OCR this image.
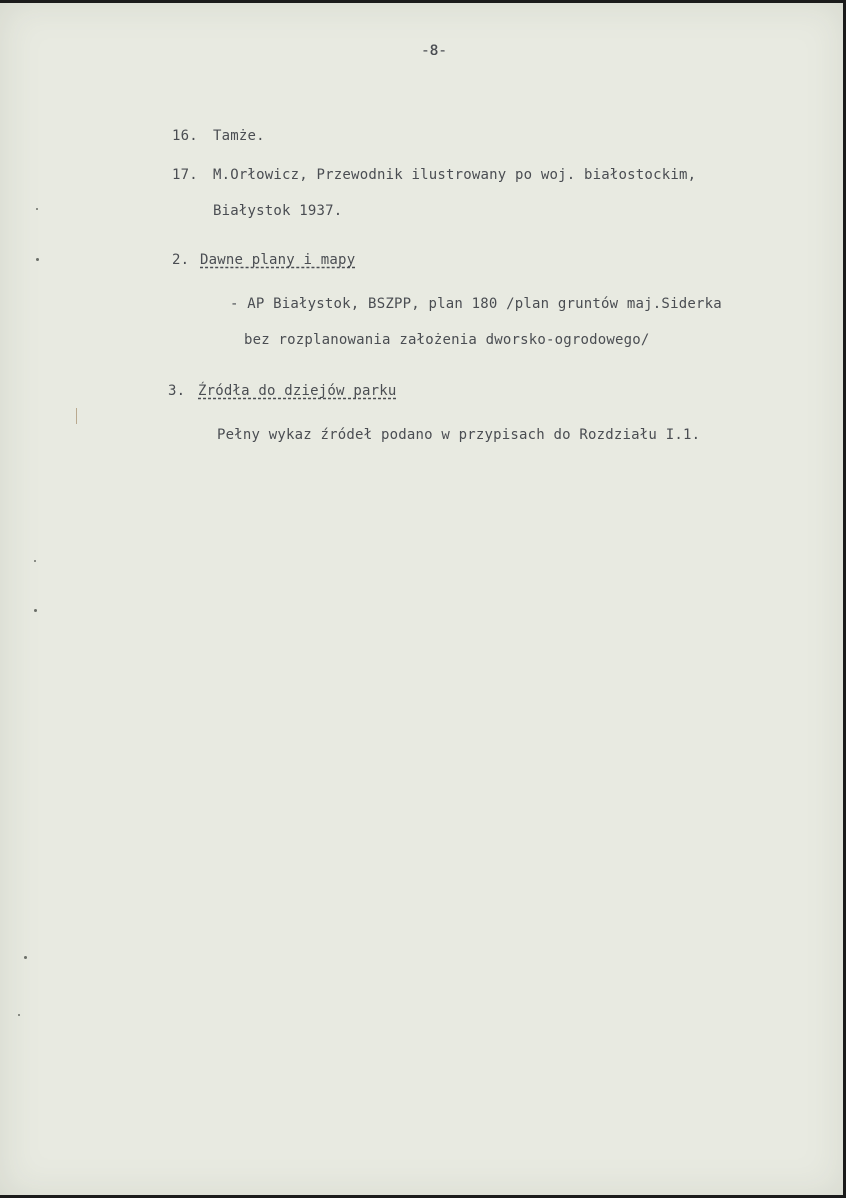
-8-
16. Tamże.
17. M.Orłowicz, Przewodnik ilustrowany po woj. białostockim,
Białystok 1937.
2. Dawne plany i mapy
- AP Białystok, BSZPP, plan 180 /plan gruntów maj.Siderka
bez rozplanowania założenia dworsko-ogrodowego/
3. Źródła do dziejów parku
Pełny wykaz źródeł podano w przypisach do Rozdziału I.1.
